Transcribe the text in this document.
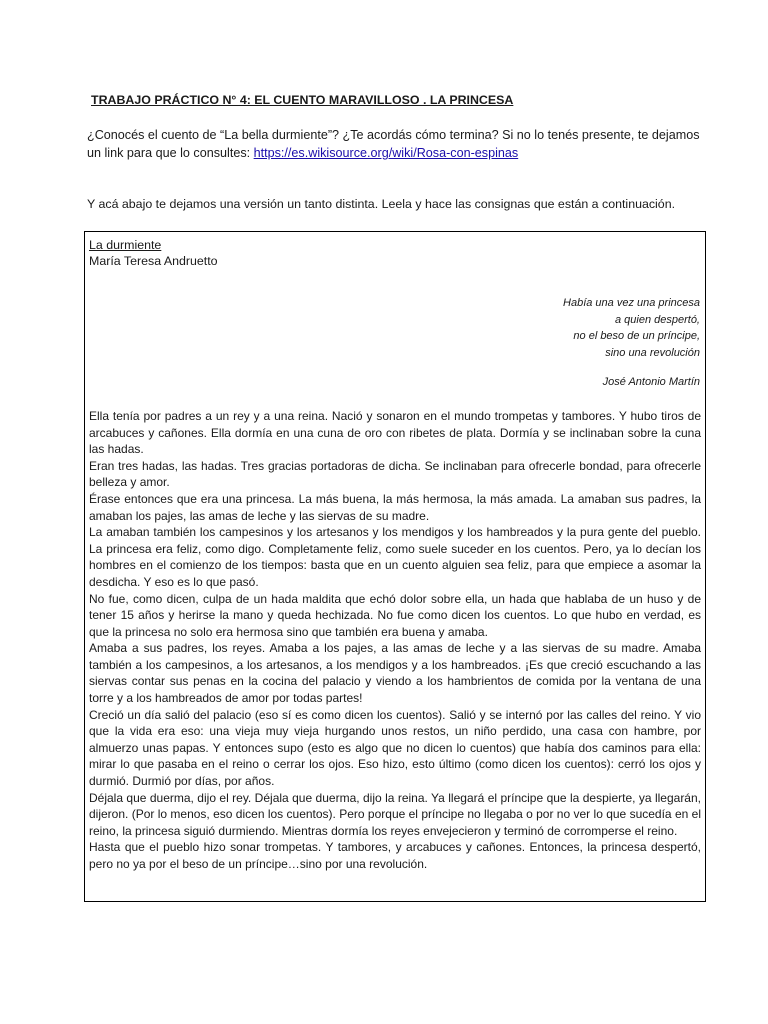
TRABAJO PRÁCTICO N° 4: EL CUENTO MARAVILLOSO . LA PRINCESA
¿Conocés el cuento de “La bella durmiente”? ¿Te acordás cómo termina? Si no lo tenés presente, te dejamos un link para que lo consultes: https://es.wikisource.org/wiki/Rosa-con-espinas
Y acá abajo te dejamos una versión un tanto distinta. Leela y hace las consignas que están a continuación.
La durmiente
María Teresa Andruetto
Había una vez una princesa
a quien despertó,
no el beso de un príncipe,
sino una revolución
José Antonio Martín

Ella tenía por padres a un rey y a una reina. Nació y sonaron en el mundo trompetas y tambores. Y hubo tiros de arcabuces y cañones. Ella dormía en una cuna de oro con ribetes de plata. Dormía y se inclinaban sobre la cuna las hadas.

Eran tres hadas, las hadas. Tres gracias portadoras de dicha. Se inclinaban para ofrecerle bondad, para ofrecerle belleza y amor.

Érase entonces que era una princesa. La más buena, la más hermosa, la más amada. La amaban sus padres, la amaban los pajes, las amas de leche y las siervas de su madre.

La amaban también los campesinos y los artesanos y los mendigos y los hambreados y la pura gente del pueblo. La princesa era feliz, como digo. Completamente feliz, como suele suceder en los cuentos. Pero, ya lo decían los hombres en el comienzo de los tiempos: basta que en un cuento alguien sea feliz, para que empiece a asomar la desdicha. Y eso es lo que pasó.

No fue, como dicen, culpa de un hada maldita que echó dolor sobre ella, un hada que hablaba de un huso y de tener 15 años y herirse la mano y queda hechizada. No fue como dicen los cuentos. Lo que hubo en verdad, es que la princesa no solo era hermosa sino que también era buena y amaba.

Amaba a sus padres, los reyes. Amaba a los pajes, a las amas de leche y a las siervas de su madre. Amaba también a los campesinos, a los artesanos, a los mendigos y a los hambreados. ¡Es que creció escuchando a las siervas contar sus penas en la cocina del palacio y viendo a los hambrientos de comida por la ventana de una torre y a los hambreados de amor por todas partes!

Creció un día salió del palacio (eso sí es como dicen los cuentos). Salió y se internó por las calles del reino. Y vio que la vida era eso: una vieja muy vieja hurgando unos restos, un niño perdido, una casa con hambre, por almuerzo unas papas. Y entonces supo (esto es algo que no dicen lo cuentos) que había dos caminos para ella: mirar lo que pasaba en el reino o cerrar los ojos. Eso hizo, esto último (como dicen los cuentos): cerró los ojos y durmió. Durmió por días, por años.

Déjala que duerma, dijo el rey. Déjala que duerma, dijo la reina. Ya llegará el príncipe que la despierte, ya llegarán, dijeron. (Por lo menos, eso dicen los cuentos). Pero porque el príncipe no llegaba o por no ver lo que sucedía en el reino, la princesa siguió durmiendo. Mientras dormía los reyes envejecieron y terminó de corromperse el reino.

Hasta que el pueblo hizo sonar trompetas. Y tambores, y arcabuces y cañones. Entonces, la princesa despertó, pero no ya por el beso de un príncipe…sino por una revolución.
